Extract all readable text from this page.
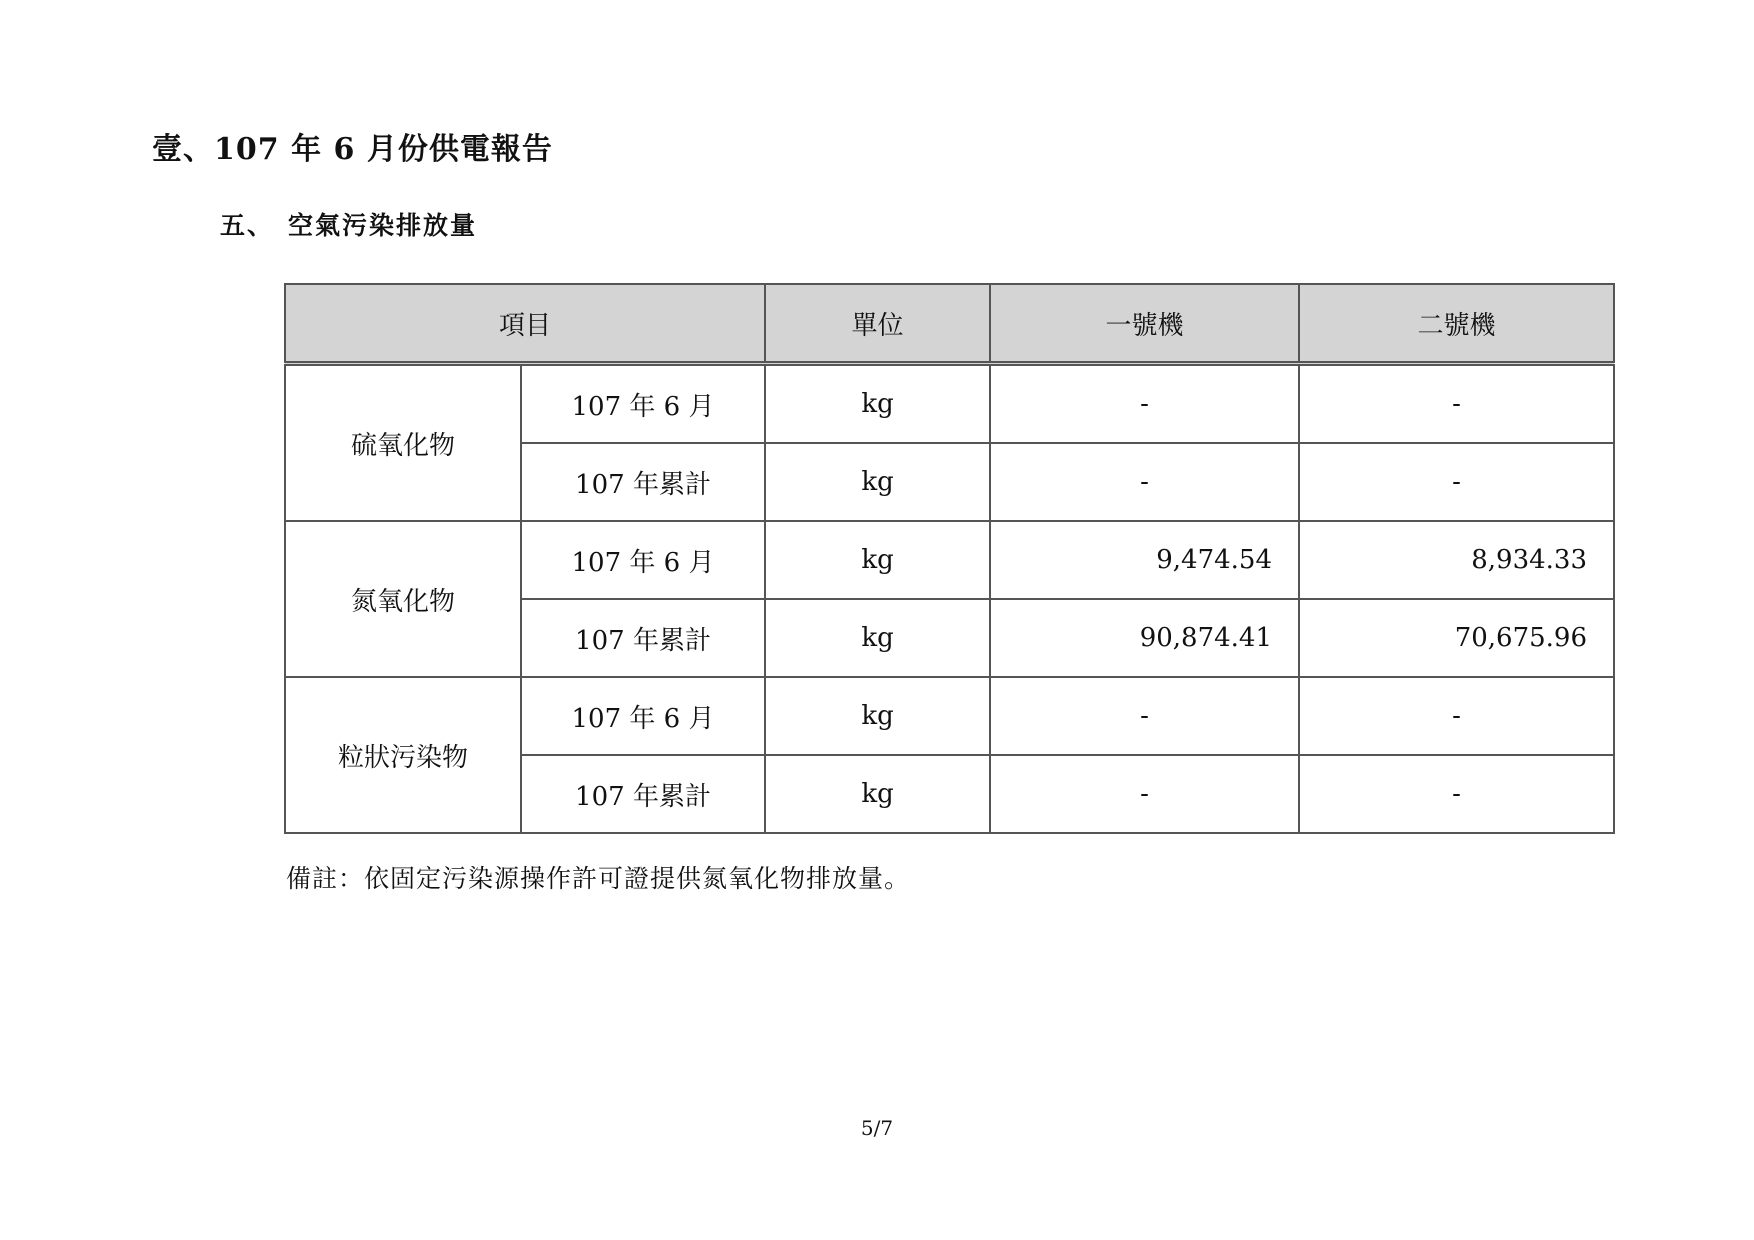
壹、107 年 6 月份供電報告
五、 空氣污染排放量
項目		單位	一號機	二號機
硫氧化物	107 年 6 月	kg	-	-
	107 年累計	kg	-	-
氮氧化物	107 年 6 月	kg	9,474.54	8,934.33
	107 年累計	kg	90,874.41	70,675.96
粒狀污染物	107 年 6 月	kg	-	-
	107 年累計	kg	-	-
備註：依固定污染源操作許可證提供氮氧化物排放量。
5/7
